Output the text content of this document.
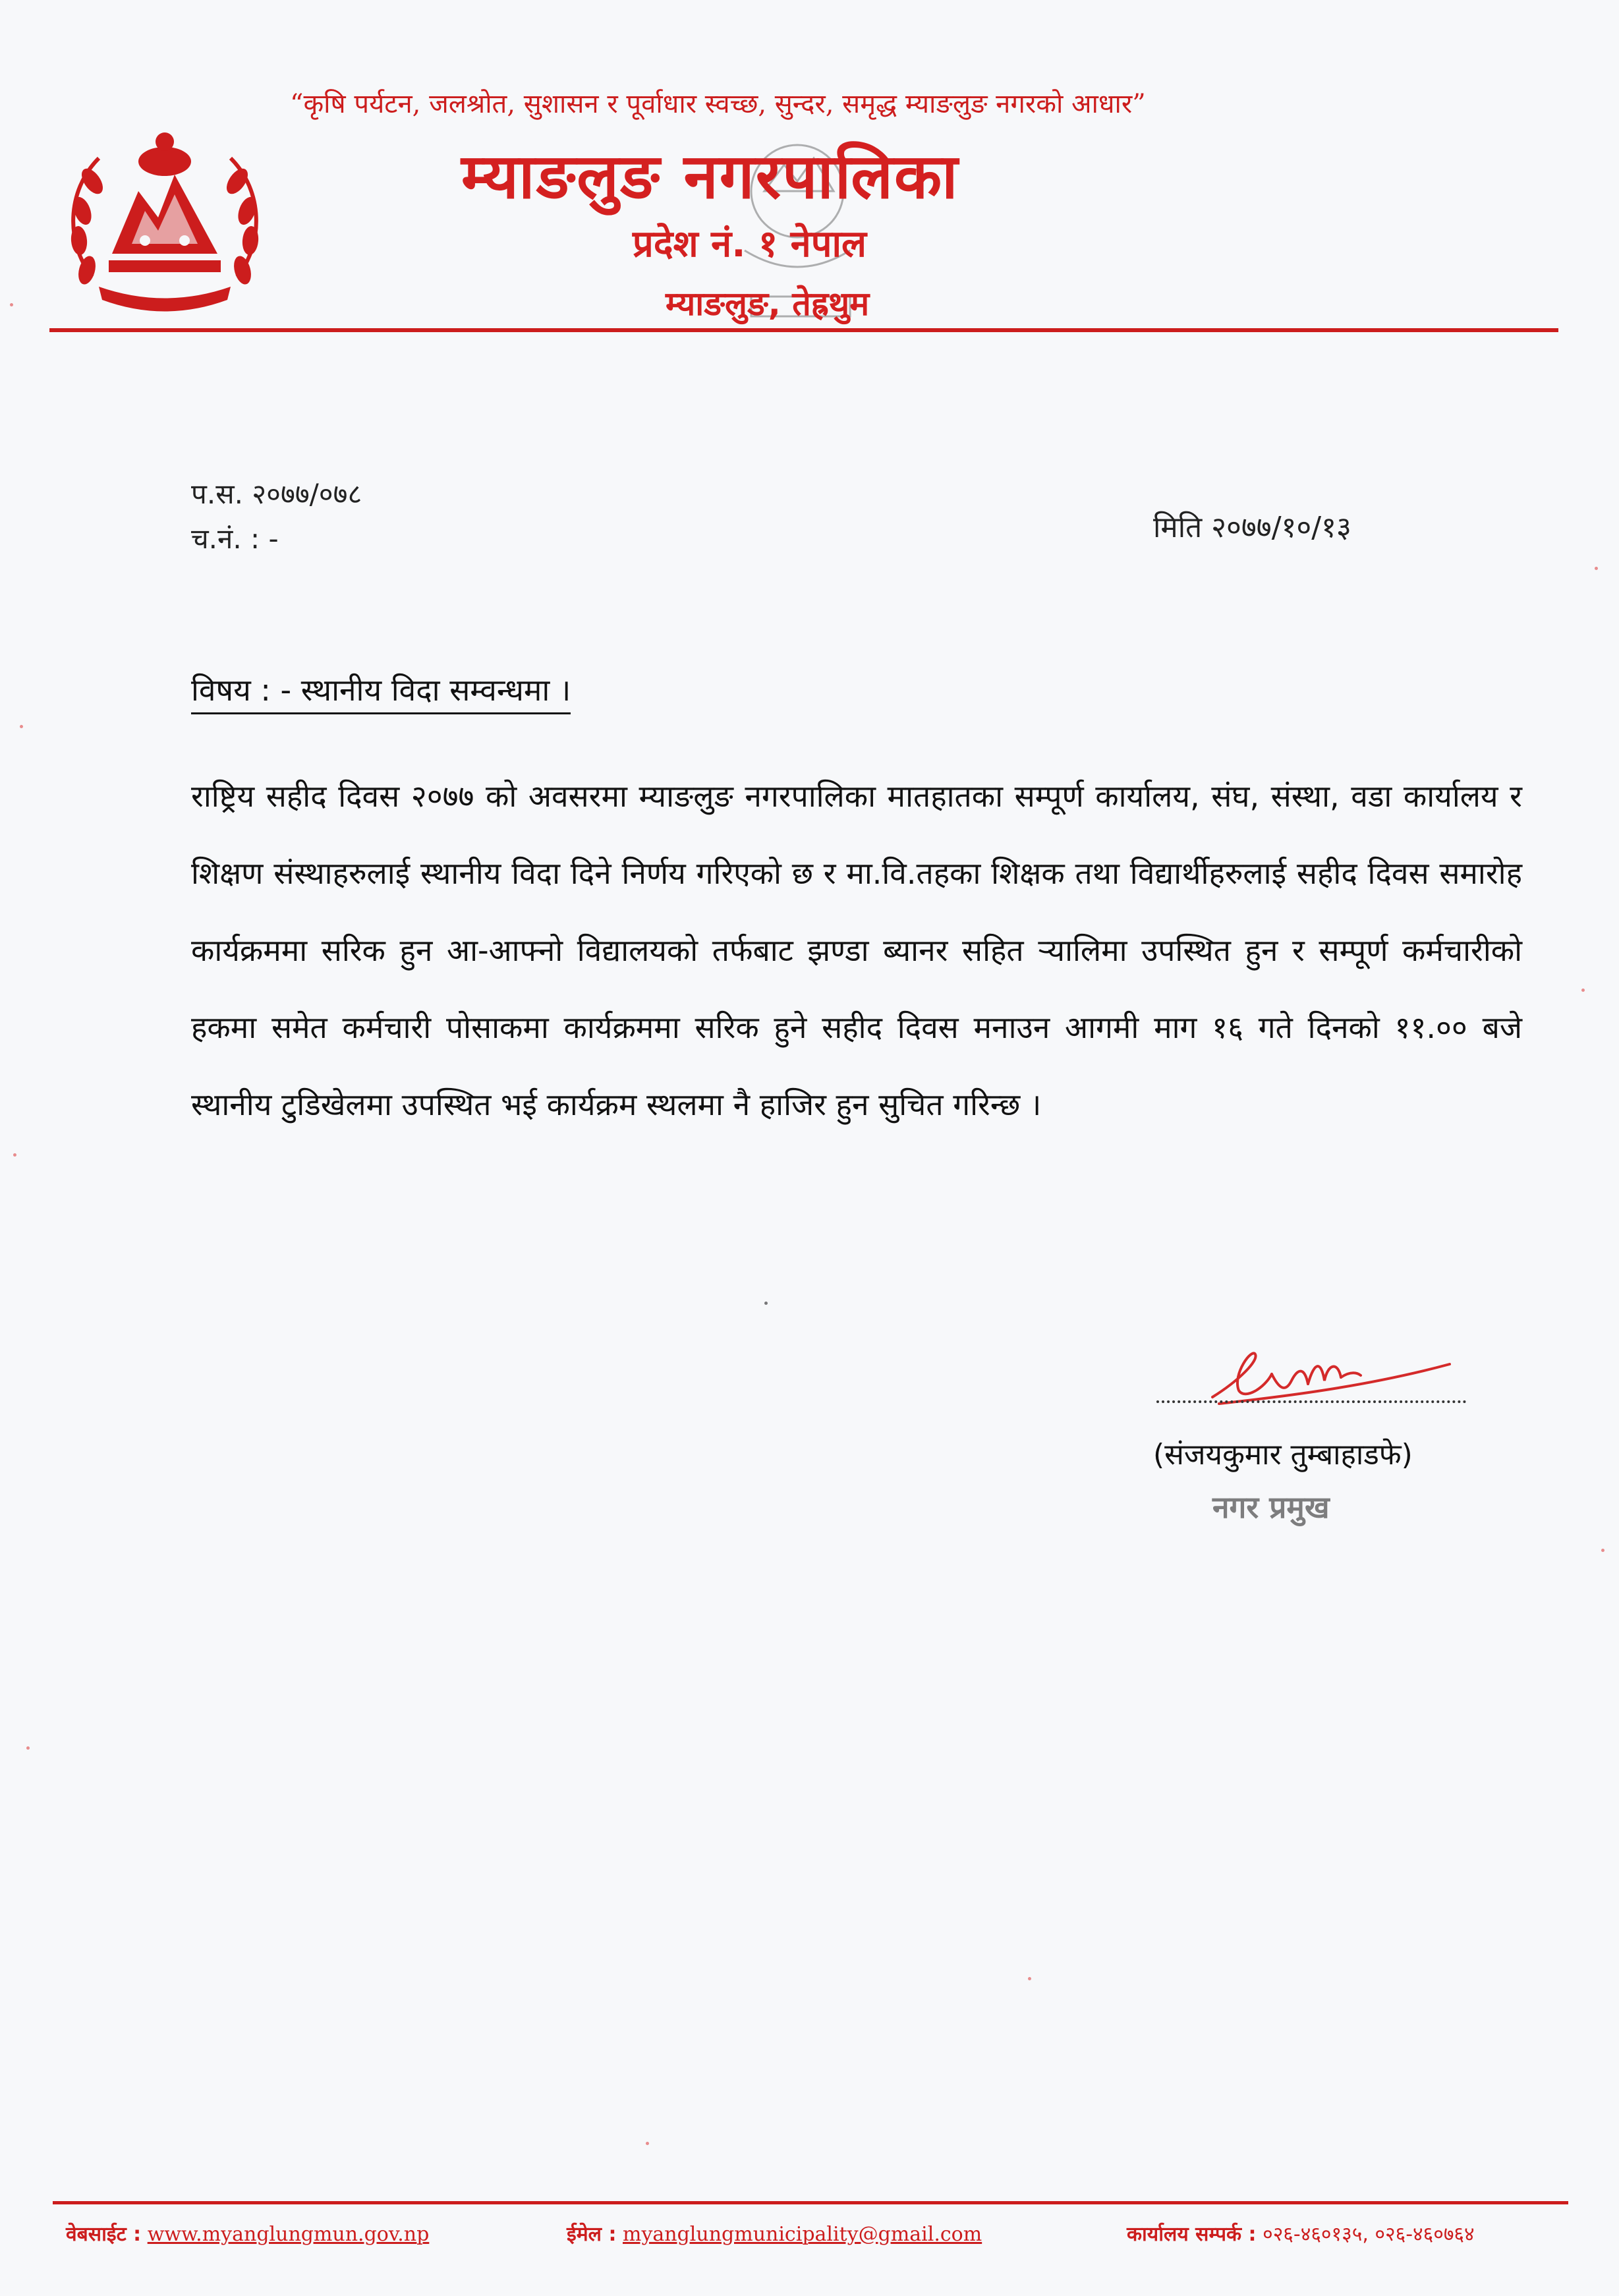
“कृषि पर्यटन, जलश्रोत, सुशासन र पूर्वाधार स्वच्छ, सुन्दर, समृद्ध म्याङलुङ नगरको आधार”
म्याङलुङ नगरपालिका
प्रदेश नं. १ नेपाल
म्याङलुङ, तेह्रथुम
प.स. २०७७/०७८
च.नं. : -	मिति २०७७/१०/१३
विषय : - स्थानीय विदा सम्वन्धमा ।
राष्ट्रिय सहीद दिवस २०७७ को अवसरमा म्याङलुङ नगरपालिका मातहातका सम्पूर्ण कार्यालय, संघ, संस्था, वडा कार्यालय र शिक्षण संस्थाहरुलाई स्थानीय विदा दिने निर्णय गरिएको छ र मा.वि.तहका शिक्षक तथा विद्यार्थीहरुलाई सहीद दिवस समारोह कार्यक्रममा सरिक हुन आ-आफ्नो विद्यालयको तर्फबाट झण्डा ब्यानर सहित र्‍यालिमा उपस्थित हुन र सम्पूर्ण कर्मचारीको हकमा समेत कर्मचारी पोसाकमा कार्यक्रममा सरिक हुने सहीद दिवस मनाउन आगमी माग १६ गते दिनको ११.०० बजे स्थानीय टुडिखेलमा उपस्थित भई कार्यक्रम स्थलमा नै हाजिर हुन सुचित गरिन्छ ।
(संजयकुमार तुम्बाहाडफे)
नगर प्रमुख
वेबसाईट : www.myanglungmun.gov.np	ईमेल : myanglungmunicipality@gmail.com	कार्यालय सम्पर्क : ०२६-४६०१३५, ०२६-४६०७६४
